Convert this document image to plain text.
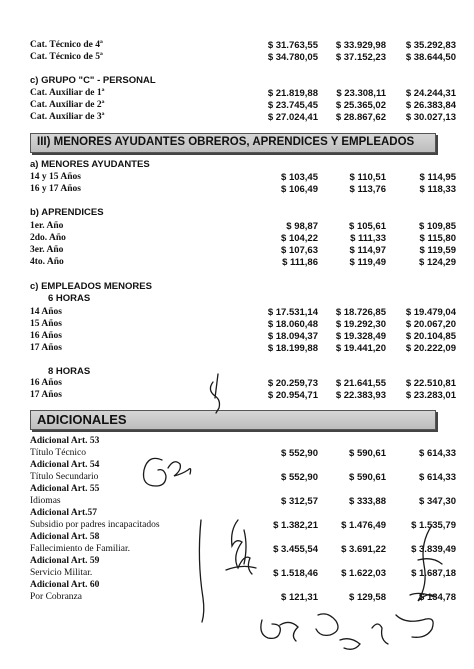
Cat. Técnico de 4ª	$ 31.763,55 $ 33.929,98 $ 35.292,83
Cat. Técnico de 5ª	$ 34.780,05 $ 37.152,23 $ 38.644,50
c) GRUPO "C" - PERSONAL
Cat. Auxiliar de 1ª	$ 21.819,88 $ 23.308,11 $ 24.244,31
Cat. Auxiliar de 2ª	$ 23.745,45 $ 25.365,02 $ 26.383,84
Cat. Auxiliar de 3ª	$ 27.024,41 $ 28.867,62 $ 30.027,13
III) MENORES AYUDANTES OBREROS, APRENDICES Y EMPLEADOS
a) MENORES AYUDANTES
14 y 15 Años	$ 103,45	$ 110,51	$ 114,95
16 y 17 Años	$ 106,49	$ 113,76	$ 118,33
b) APRENDICES
1er. Año	$ 98,87	$ 105,61	$ 109,85
2do. Año	$ 104,22	$ 111,33	$ 115,80
3er. Año	$ 107,63	$ 114,97	$ 119,59
4to. Año	$ 111,86	$ 119,49	$ 124,29
c) EMPLEADOS MENORES
6 HORAS
14 Años	$ 17.531,14 $ 18.726,85 $ 19.479,04
15 Años	$ 18.060,48 $ 19.292,30 $ 20.067,20
16 Años	$ 18.094,37 $ 19.328,49 $ 20.104,85
17 Años	$ 18.199,88 $ 19.441,20 $ 20.222,09
8 HORAS
16 Años	$ 20.259,73 $ 21.641,55 $ 22.510,81
17 Años	$ 20.954,71 $ 22.383,93 $ 23.283,01
ADICIONALES
Adicional Art. 53
Título Técnico	$ 552,90	$ 590,61	$ 614,33
Adicional Art. 54
Título Secundario	$ 552,90	$ 590,61	$ 614,33
Adicional Art. 55
Idiomas	$ 312,57	$ 333,88	$ 347,30
Adicional Art.57
Subsidio por padres incapacitados	$ 1.382,21 $ 1.476,49	$ 1.535,79
Adicional Art. 58
Fallecimiento de Familiar.	$ 3.455,54 $ 3.691,22	$ 3.839,49
Adicional Art. 59
Servicio Militar.	$ 1.518,46 $ 1.622,03	$ 1.687,18
Adicional Art. 60
Por Cobranza	$ 121,31	$ 129,58	$ 134,78
